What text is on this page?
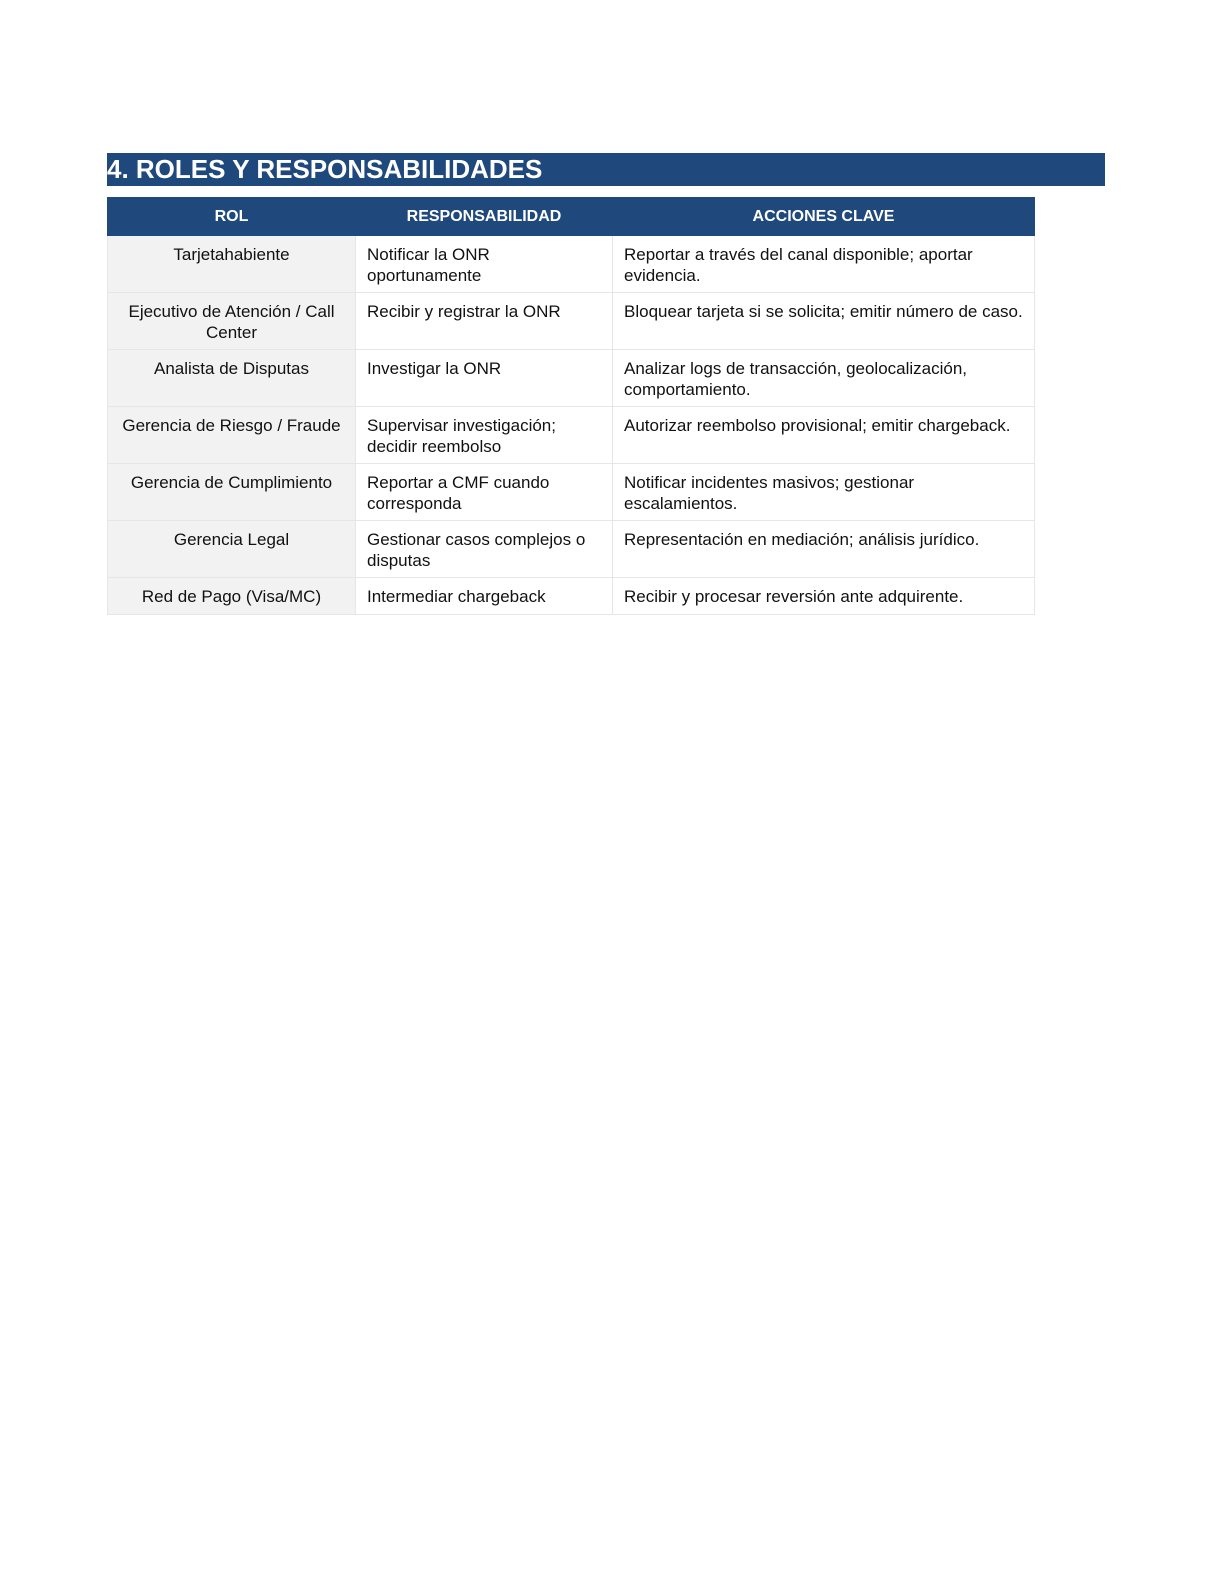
4. ROLES Y RESPONSABILIDADES
ROL	RESPONSABILIDAD	ACCIONES CLAVE
Tarjetahabiente	Notificar la ONR oportunamente	Reportar a través del canal disponible; aportar evidencia.
Ejecutivo de Atención / Call Center	Recibir y registrar la ONR	Bloquear tarjeta si se solicita; emitir número de caso.
Analista de Disputas	Investigar la ONR	Analizar logs de transacción, geolocalización, comportamiento.
Gerencia de Riesgo / Fraude	Supervisar investigación; decidir reembolso	Autorizar reembolso provisional; emitir chargeback.
Gerencia de Cumplimiento	Reportar a CMF cuando corresponda	Notificar incidentes masivos; gestionar escalamientos.
Gerencia Legal	Gestionar casos complejos o disputas	Representación en mediación; análisis jurídico.
Red de Pago (Visa/MC)	Intermediar chargeback	Recibir y procesar reversión ante adquirente.
